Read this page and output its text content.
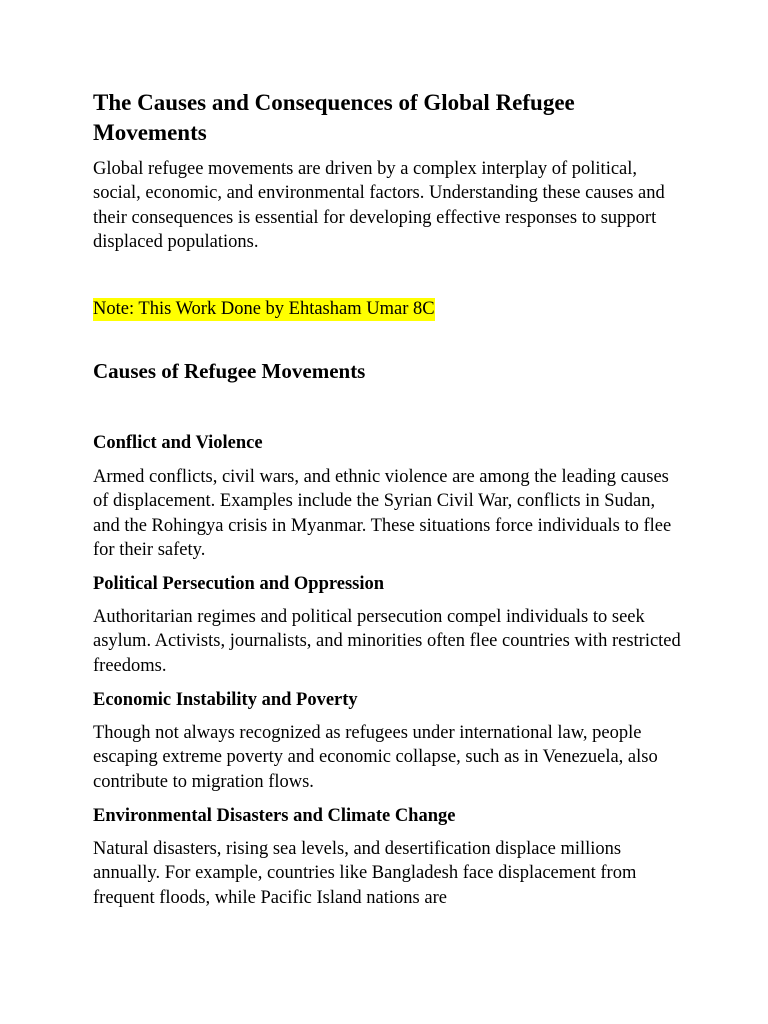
The Causes and Consequences of Global Refugee Movements

Global refugee movements are driven by a complex interplay of political, social, economic, and environmental factors. Understanding these causes and their consequences is essential for developing effective responses to support displaced populations.

Note: This Work Done by Ehtasham Umar 8C

Causes of Refugee Movements
Conflict and Violence

Armed conflicts, civil wars, and ethnic violence are among the leading causes of displacement. Examples include the Syrian Civil War, conflicts in Sudan, and the Rohingya crisis in Myanmar. These situations force individuals to flee for their safety.

Political Persecution and Oppression

Authoritarian regimes and political persecution compel individuals to seek asylum. Activists, journalists, and minorities often flee countries with restricted freedoms.

Economic Instability and Poverty

Though not always recognized as refugees under international law, people escaping extreme poverty and economic collapse, such as in Venezuela, also contribute to migration flows.

Environmental Disasters and Climate Change

Natural disasters, rising sea levels, and desertification displace millions annually. For example, countries like Bangladesh face displacement from frequent floods, while Pacific Island nations are
